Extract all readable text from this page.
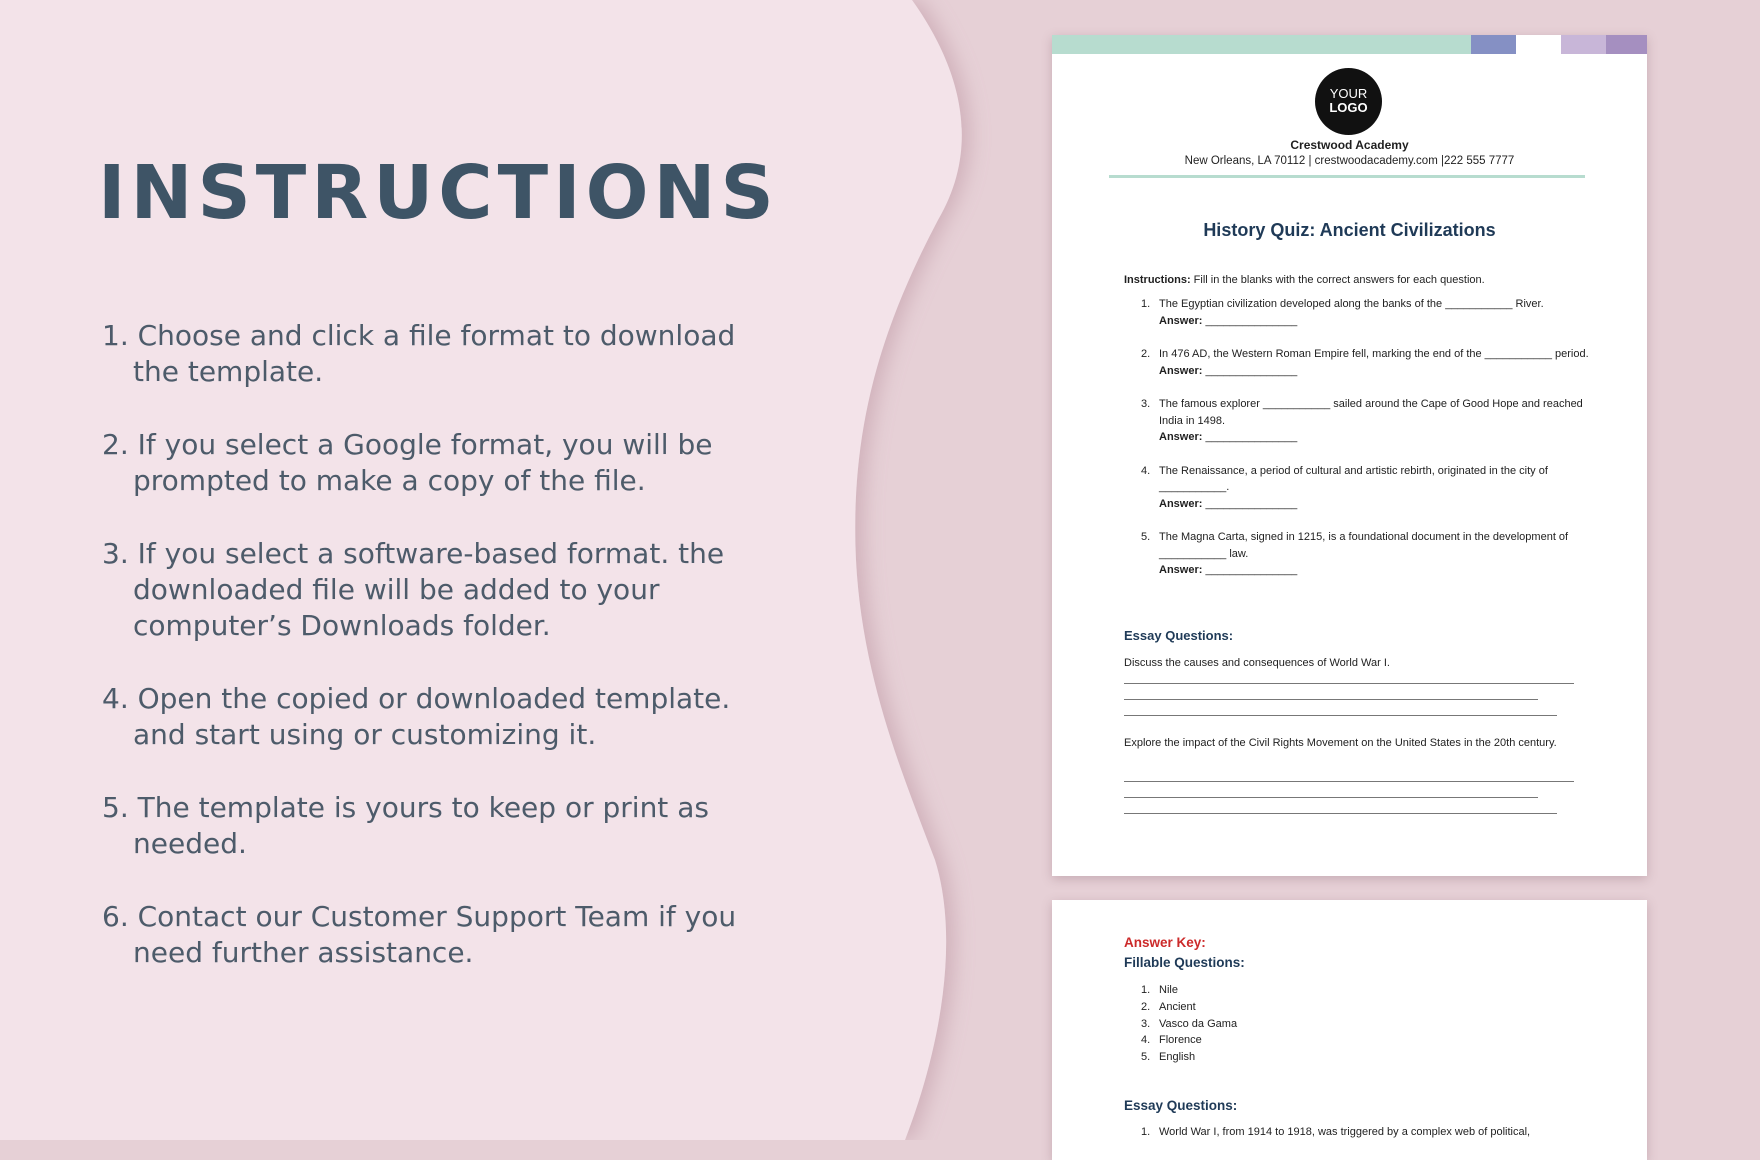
INSTRUCTIONS
1. Choose and click a file format to download the template.
2. If you select a Google format, you will be prompted to make a copy of the file.
3. If you select a software-based format. the downloaded file will be added to your computer’s Downloads folder.
4. Open the copied or downloaded template. and start using or customizing it.
5. The template is yours to keep or print as needed.
6. Contact our Customer Support Team if you need further assistance.
YOUR
LOGO
Crestwood Academy
New Orleans, LA 70112 | crestwoodacademy.com |222 555 7777
History Quiz: Ancient Civilizations
Instructions: Fill in the blanks with the correct answers for each question.
1. The Egyptian civilization developed along the banks of the ___________ River.
Answer: _______________
2. In 476 AD, the Western Roman Empire fell, marking the end of the ___________ period.
Answer: _______________
3. The famous explorer ___________ sailed around the Cape of Good Hope and reached India in 1498.
Answer: _______________
4. The Renaissance, a period of cultural and artistic rebirth, originated in the city of ___________.
Answer: _______________
5. The Magna Carta, signed in 1215, is a foundational document in the development of ___________ law.
Answer: _______________
Essay Questions:
Discuss the causes and consequences of World War I.
Explore the impact of the Civil Rights Movement on the United States in the 20th century.
Answer Key:
Fillable Questions:
1. Nile
2. Ancient
3. Vasco da Gama
4. Florence
5. English
Essay Questions:
1. World War I, from 1914 to 1918, was triggered by a complex web of political,
